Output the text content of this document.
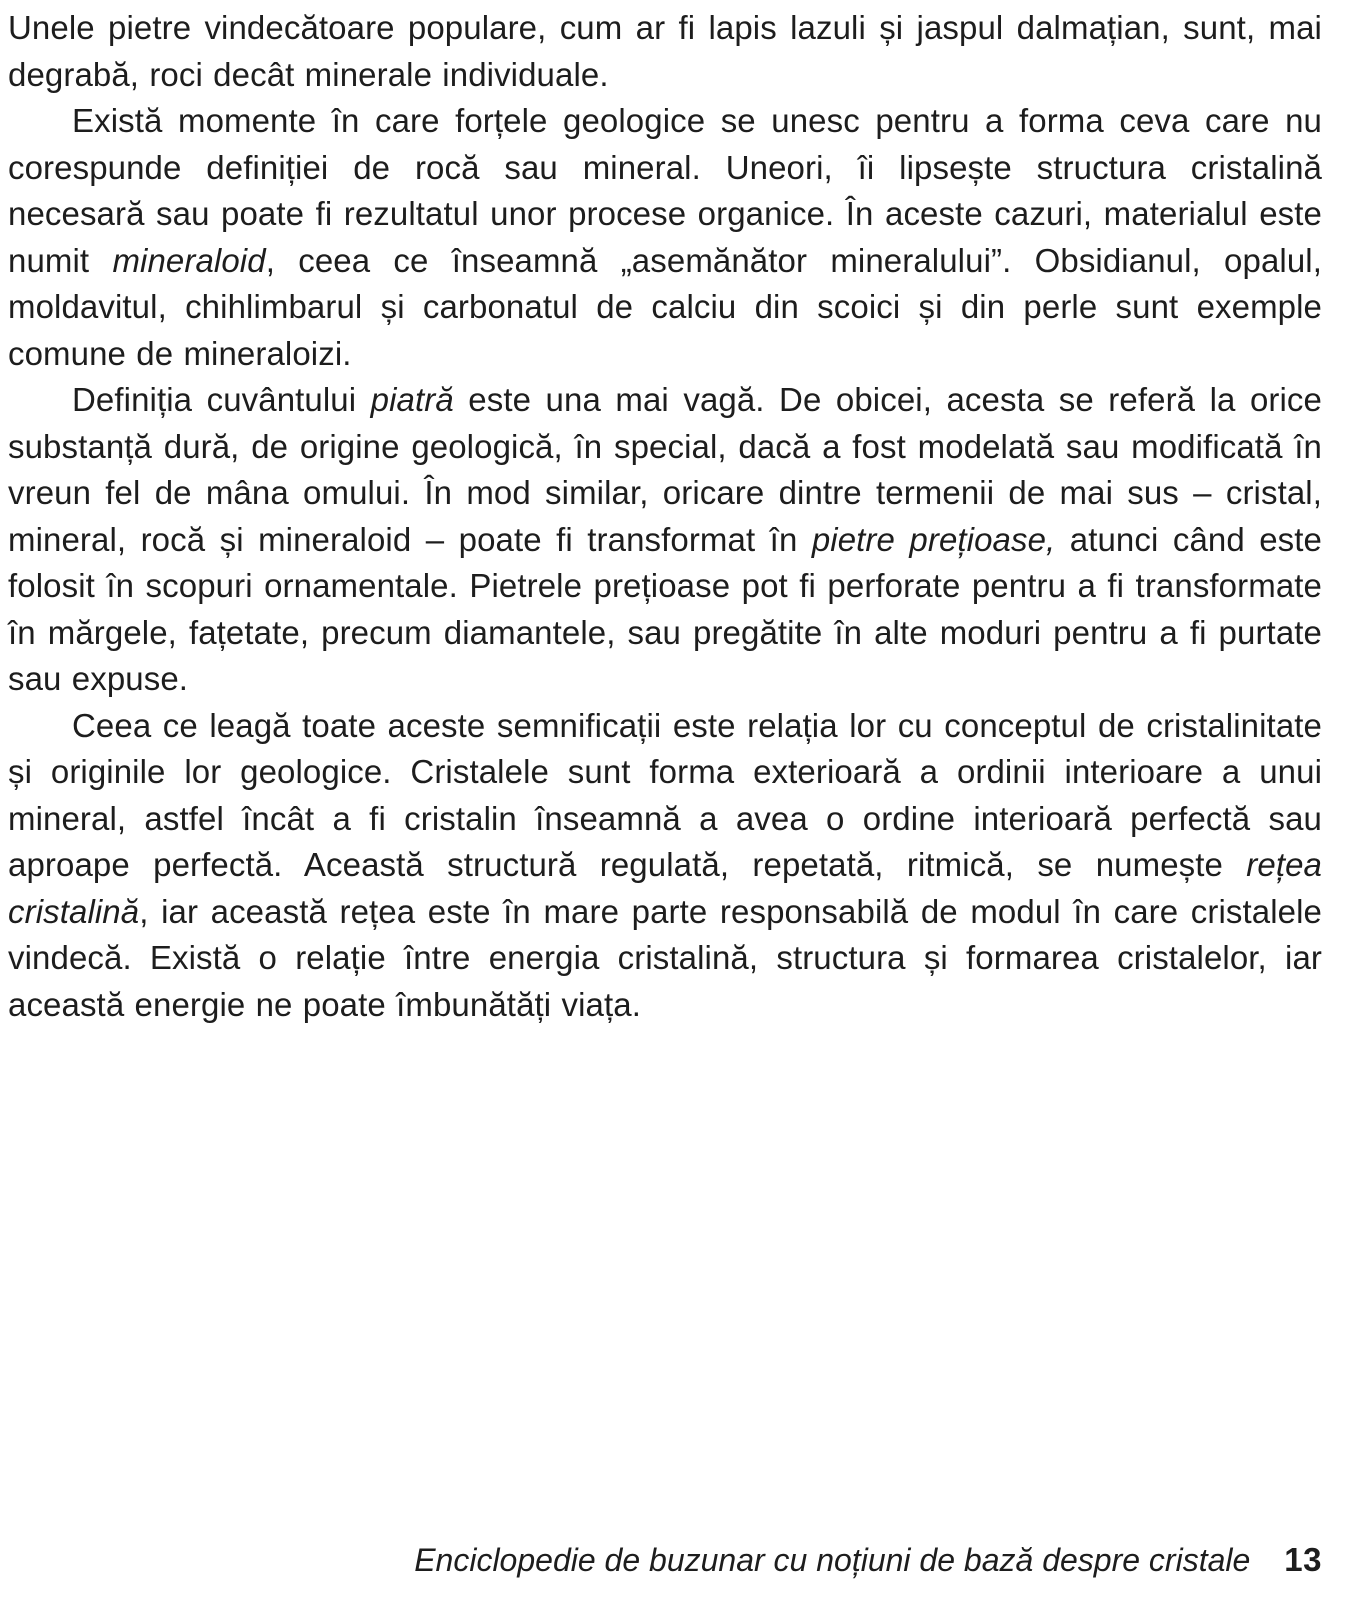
Unele pietre vindecătoare populare, cum ar fi lapis lazuli și jaspul dalmațian, sunt, mai degrabă, roci decât minerale individuale.

Există momente în care forțele geologice se unesc pentru a forma ceva care nu corespunde definiției de rocă sau mineral. Uneori, îi lipsește structura cristalină necesară sau poate fi rezultatul unor procese organice. În aceste cazuri, materialul este numit mineraloid, ceea ce înseamnă „asemănător mineralului”. Obsidianul, opalul, moldavitul, chihlimbarul și carbonatul de calciu din scoici și din perle sunt exemple comune de mineraloizi.

Definiția cuvântului piatră este una mai vagă. De obicei, acesta se referă la orice substanță dură, de origine geologică, în special, dacă a fost modelată sau modificată în vreun fel de mâna omului. În mod similar, oricare dintre termenii de mai sus – cristal, mineral, rocă și mineraloid – poate fi transformat în pietre prețioase, atunci când este folosit în scopuri ornamentale. Pietrele prețioase pot fi perforate pentru a fi transformate în mărgele, fațetate, precum diamantele, sau pregătite în alte moduri pentru a fi purtate sau expuse.

Ceea ce leagă toate aceste semnificații este relația lor cu conceptul de cristalinitate și originile lor geologice. Cristalele sunt forma exterioară a ordinii interioare a unui mineral, astfel încât a fi cristalin înseamnă a avea o ordine interioară perfectă sau aproape perfectă. Această structură regulată, repetată, ritmică, se numește rețea cristalină, iar această rețea este în mare parte responsabilă de modul în care cristalele vindecă. Există o relație între energia cristalină, structura și formarea cristalelor, iar această energie ne poate îmbunătăți viața.

Enciclopedie de buzunar cu noțiuni de bază despre cristale 13
